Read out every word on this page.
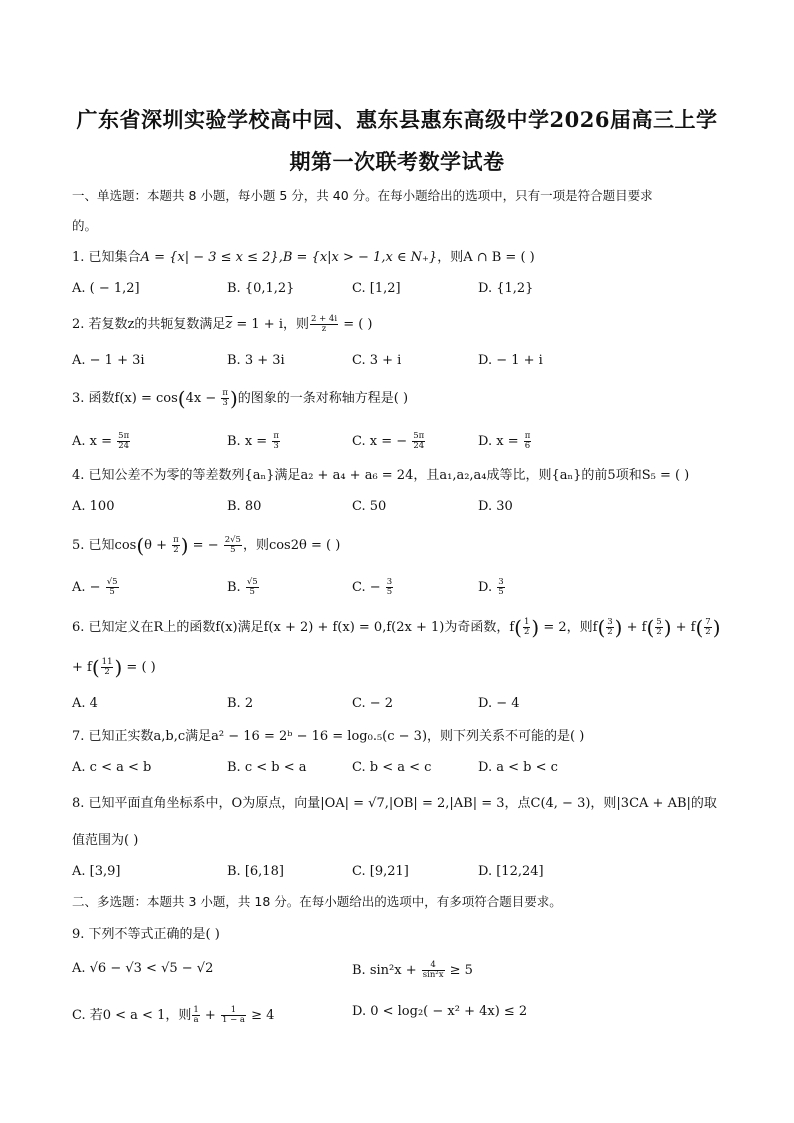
广东省深圳实验学校高中园、惠东县惠东高级中学2026届高三上学
期第一次联考数学试卷
一、单选题：本题共 8 小题，每小题 5 分，共 40 分。在每小题给出的选项中，只有一项是符合题目要求
的。
1. 已知集合A = {x| − 3 ≤ x ≤ 2},B = {x|x > − 1,x ∈ N₊}，则A ∩ B = ( )
A. ( − 1,2]	B. {0,1,2}	C. [1,2]	D. {1,2}
2. 若复数z的共轭复数满足$\overline{z} = 1 + i$，则 $\frac{2 + 4i}{z}$ = ( )
A. − 1 + 3i	B. 3 + 3i	C. 3 + i	D. − 1 + i
3. 函数$f(x) = \cos(4x - \frac{\pi}{3}$ )的图象的一条对称轴方程是( )
A. $x = \frac{5\pi}{24}$	B. $x = \frac{\pi}{3}$	C. x = − $\frac{5\pi}{24}$	D. $x = \frac{\pi}{6}$
4. 已知公差不为零的等差数列{aₙ}满足a₂ + a₄ + a₆ = 24，且a₁,a₂,a₄成等比，则{aₙ}的前5项和S₅ = ( )
A. 100	B. 80	C. 50	D. 30
5. 已知$\cos(\theta + \frac{\pi}{2}$ ) = − $\frac{2√5}{5}$ ，则cos2θ = ( )
A. − $\frac{√5}{5}$	B. $\frac{√5}{5}$	C. − $\frac{3}{5}$	D. $\frac{3}{5}$
6. 已知定义在R上的函数f(x)满足f(x + 2) + f(x) = 0,f(2x + 1)为奇函数，$f( \frac{1}{2}$ ) = 2，则$f( \frac{3}{2}$ ) + $f( \frac{5}{2}$ ) + $f( \frac{7}{2}$ )
+ $f( \frac{11}{2}$ ) = ( )
A. 4	B. 2	C. − 2	D. − 4
7. 已知正实数a,b,c满足a² − 16 = 2ᵇ − 16 = log₀.₅(c − 3)，则下列关系不可能的是( )
A. c < a < b	B. c < b < a	C. b < a < c	D. a < b < c
8. 已知平面直角坐标系中，O为原点，向量|OA| = √7,|OB| = 2,|AB| = 3，点C(4, − 3)，则|3CA + AB|的取
值范围为( )
A. [3,9]	B. [6,18]	C. [9,21]	D. [12,24]
二、多选题：本题共 3 小题，共 18 分。在每小题给出的选项中，有多项符合题目要求。
9. 下列不等式正确的是( )
A. √6 − √3 < √5 − √2	B. $\sin^2x + \frac{4}{\text{sin²x}} \ge 5$
C. 若0 < a < 1，则 $\frac{1}{a} + \frac{1}{1 - a} \ge 4$	D. 0 < log₂( − x² + 4x) ≤ 2
